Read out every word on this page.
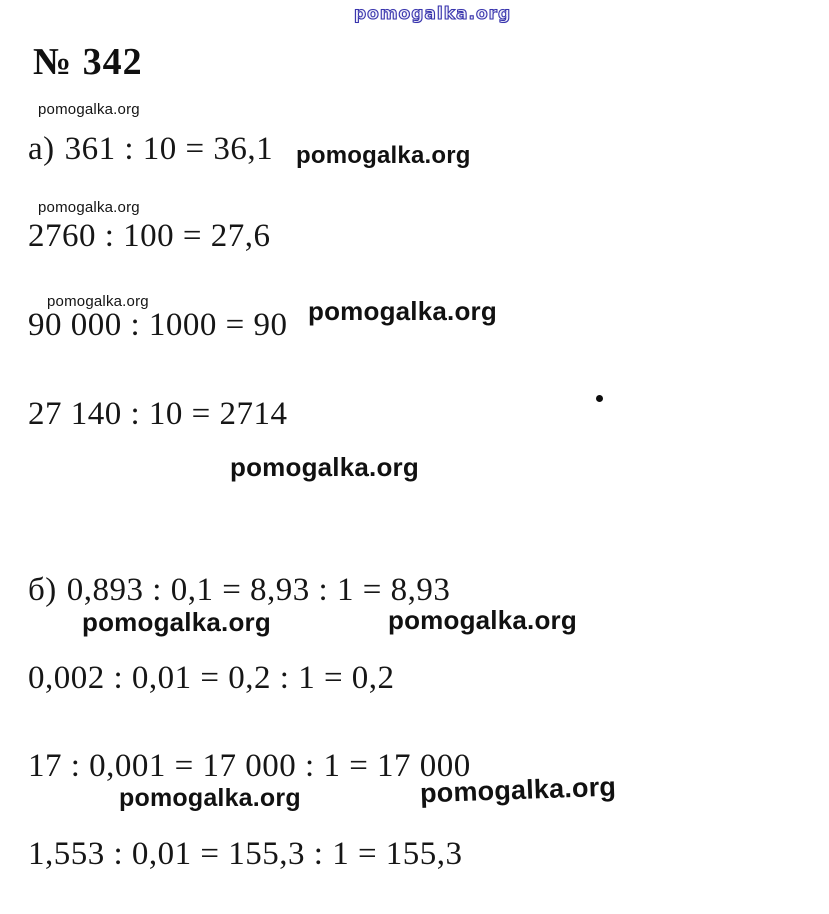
pomogalka.org
№ 342
pomogalka.org
а) 361 : 10 = 36,1 pomogalka.org
pomogalka.org
2760 : 100 = 27,6
pomogalka.org
90 000 : 1000 = 90 pomogalka.org
27 140 : 10 = 2714
pomogalka.org
б) 0,893 : 0,1 = 8,93 : 1 = 8,93
pomogalka.org	pomogalka.org
0,002 : 0,01 = 0,2 : 1 = 0,2
17 : 0,001 = 17 000 : 1 = 17 000
pomogalka.org	pomogalka.org
1,553 : 0,01 = 155,3 : 1 = 155,3
